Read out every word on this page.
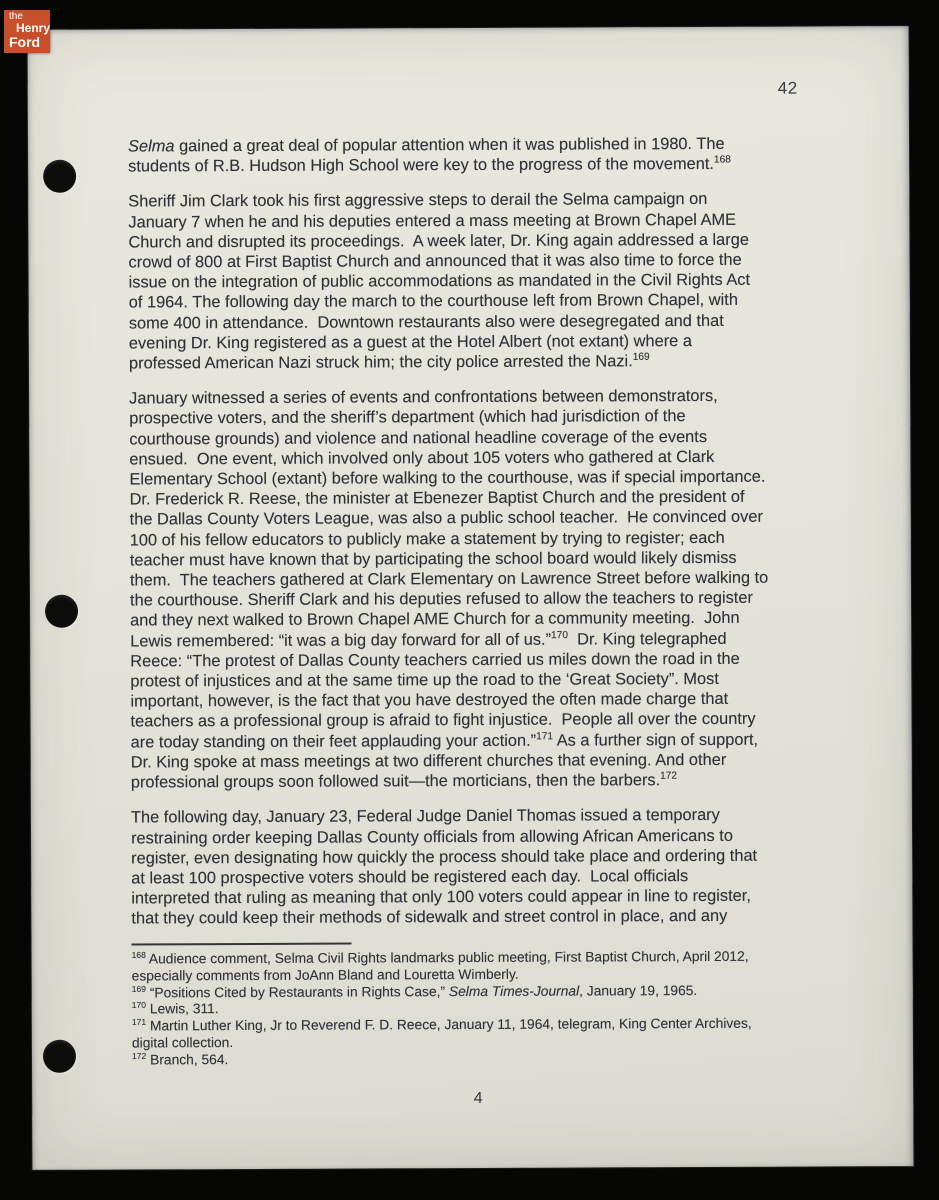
42
Selma gained a great deal of popular attention when it was published in 1980. The
students of R.B. Hudson High School were key to the progress of the movement.$^{168}$
Sheriff Jim Clark took his first aggressive steps to derail the Selma campaign on
January 7 when he and his deputies entered a mass meeting at Brown Chapel AME
Church and disrupted its proceedings.  A week later, Dr. King again addressed a large
crowd of 800 at First Baptist Church and announced that it was also time to force the
issue on the integration of public accommodations as mandated in the Civil Rights Act
of 1964. The following day the march to the courthouse left from Brown Chapel, with
some 400 in attendance.  Downtown restaurants also were desegregated and that
evening Dr. King registered as a guest at the Hotel Albert (not extant) where a
professed American Nazi struck him; the city police arrested the Nazi.$^{169}$
January witnessed a series of events and confrontations between demonstrators,
prospective voters, and the sheriff’s department (which had jurisdiction of the
courthouse grounds) and violence and national headline coverage of the events
ensued.  One event, which involved only about 105 voters who gathered at Clark
Elementary School (extant) before walking to the courthouse, was if special importance.
Dr. Frederick R. Reese, the minister at Ebenezer Baptist Church and the president of
the Dallas County Voters League, was also a public school teacher.  He convinced over
100 of his fellow educators to publicly make a statement by trying to register; each
teacher must have known that by participating the school board would likely dismiss
them.  The teachers gathered at Clark Elementary on Lawrence Street before walking to
the courthouse. Sheriff Clark and his deputies refused to allow the teachers to register
and they next walked to Brown Chapel AME Church for a community meeting.  John
Lewis remembered: “it was a big day forward for all of us.”$^{170}$  Dr. King telegraphed
Reece: “The protest of Dallas County teachers carried us miles down the road in the
protest of injustices and at the same time up the road to the ‘Great Society”. Most
important, however, is the fact that you have destroyed the often made charge that
teachers as a professional group is afraid to fight injustice.  People all over the country
are today standing on their feet applauding your action.”$^{171}$ As a further sign of support,
Dr. King spoke at mass meetings at two different churches that evening. And other
professional groups soon followed suit—the morticians, then the barbers.$^{172}$
The following day, January 23, Federal Judge Daniel Thomas issued a temporary
restraining order keeping Dallas County officials from allowing African Americans to
register, even designating how quickly the process should take place and ordering that
at least 100 prospective voters should be registered each day.  Local officials
interpreted that ruling as meaning that only 100 voters could appear in line to register,
that they could keep their methods of sidewalk and street control in place, and any
$^{168}$ Audience comment, Selma Civil Rights landmarks public meeting, First Baptist Church, April 2012,
especially comments from JoAnn Bland and Louretta Wimberly.
$^{169}$ “Positions Cited by Restaurants in Rights Case,” Selma Times-Journal, January 19, 1965.
$^{170}$ Lewis, 311.
$^{171}$ Martin Luther King, Jr to Reverend F. D. Reece, January 11, 1964, telegram, King Center Archives,
digital collection.
$^{172}$ Branch, 564.
4
the
Henry
Ford
